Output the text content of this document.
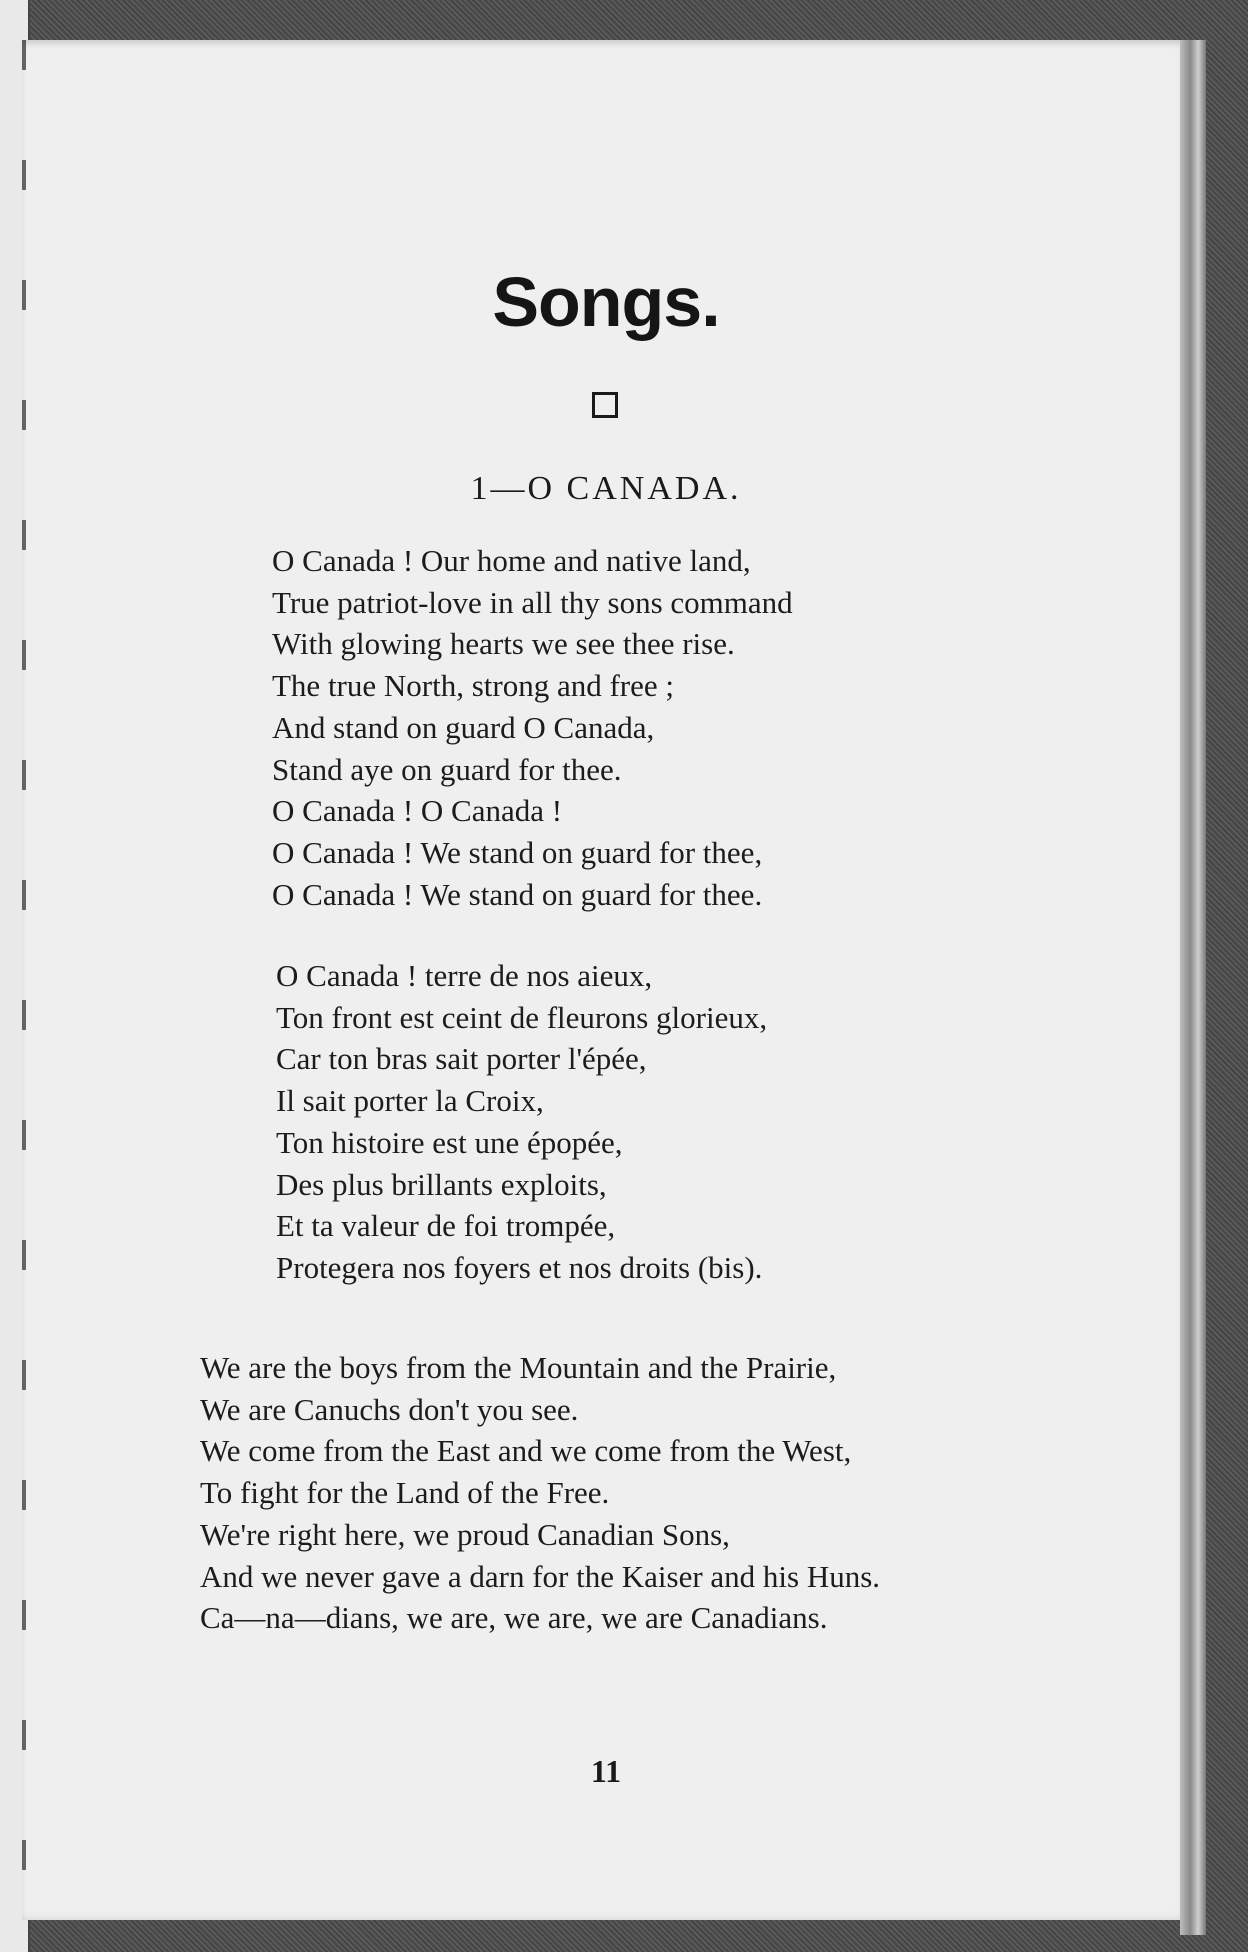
Songs.
1—O CANADA.
O Canada ! Our home and native land,
True patriot-love in all thy sons command
With glowing hearts we see thee rise.
The true North, strong and free ;
And stand on guard O Canada,
Stand aye on guard for thee.
O Canada ! O Canada !
O Canada ! We stand on guard for thee,
O Canada ! We stand on guard for thee.
O Canada ! terre de nos aieux,
Ton front est ceint de fleurons glorieux,
Car ton bras sait porter l'épée,
Il sait porter la Croix,
Ton histoire est une épopée,
Des plus brillants exploits,
Et ta valeur de foi trompée,
Protegera nos foyers et nos droits (bis).
We are the boys from the Mountain and the Prairie,
We are Canuchs don't you see.
We come from the East and we come from the West,
To fight for the Land of the Free.
We're right here, we proud Canadian Sons,
And we never gave a darn for the Kaiser and his Huns.
Ca—na—dians, we are, we are, we are Canadians.
11
